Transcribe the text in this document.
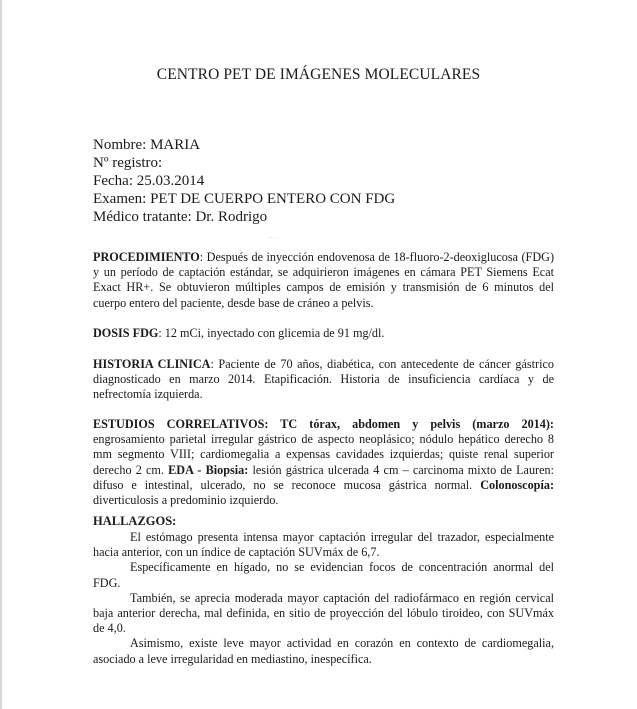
CENTRO PET DE IMÁGENES MOLECULARES
Nombre: MARIA
Nº registro:
Fecha: 25.03.2014
Examen: PET DE CUERPO ENTERO CON FDG
Médico tratante: Dr. Rodrigo
˙˙˙˙
PROCEDIMIENTO: Después de inyección endovenosa de 18-fluoro-2-deoxiglucosa (FDG) y un período de captación estándar, se adquirieron imágenes en cámara PET Siemens Ecat Exact HR+. Se obtuvieron múltiples campos de emisión y transmisión de 6 minutos del cuerpo entero del paciente, desde base de cráneo a pelvis.
DOSIS FDG: 12 mCi, inyectado con glicemia de 91 mg/dl.
HISTORIA CLINICA: Paciente de 70 años, diabética, con antecedente de cáncer gástrico diagnosticado en marzo 2014. Etapificación. Historia de insuficiencia cardíaca y de nefrectomía izquierda.
ESTUDIOS CORRELATIVOS: TC tórax, abdomen y pelvis (marzo 2014): engrosamiento parietal irregular gástrico de aspecto neoplásico; nódulo hepático derecho 8 mm segmento VIII; cardiomegalia a expensas cavidades izquierdas; quiste renal superior derecho 2 cm. EDA - Biopsia: lesión gástrica ulcerada 4 cm – carcinoma mixto de Lauren: difuso e intestinal, ulcerado, no se reconoce mucosa gástrica normal. Colonoscopía: diverticulosis a predominio izquierdo.
HALLAZGOS:

El estómago presenta intensa mayor captación irregular del trazador, especialmente hacia anterior, con un índice de captación SUVmáx de 6,7.

Específicamente en hígado, no se evidencian focos de concentración anormal del FDG.

También, se aprecia moderada mayor captación del radiofármaco en región cervical baja anterior derecha, mal definida, en sitio de proyección del lóbulo tiroideo, con SUVmáx de 4,0.

Asimismo, existe leve mayor actividad en corazón en contexto de cardiomegalia, asociado a leve irregularidad en mediastino, inespecífica.
